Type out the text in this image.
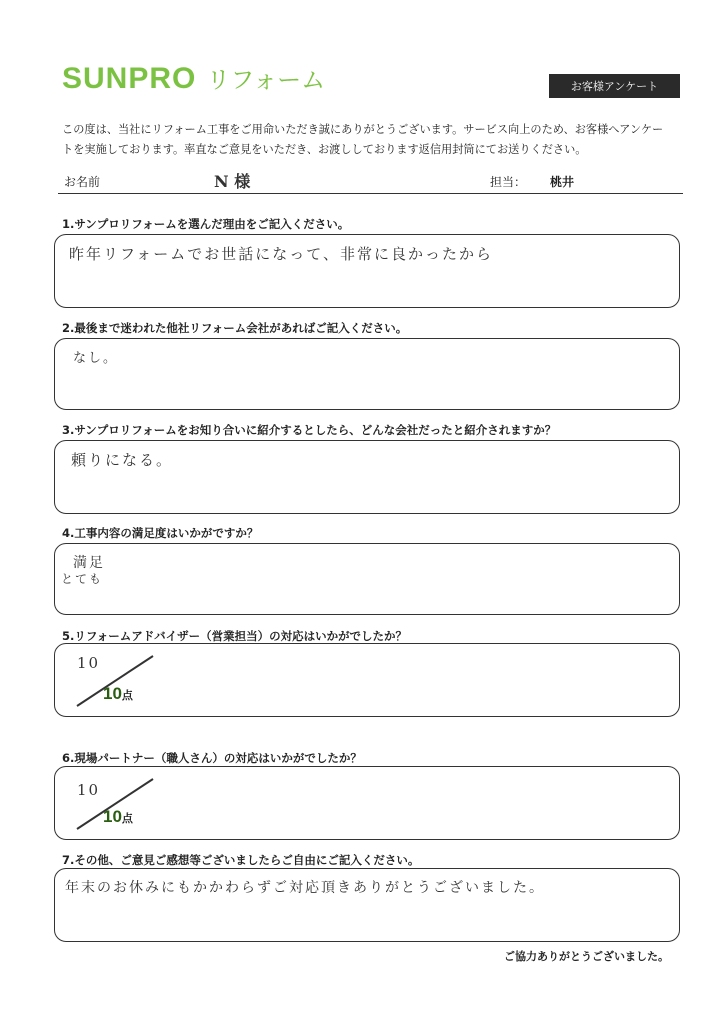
SUNPRO リフォーム	お客様アンケート
この度は、当社にリフォーム工事をご用命いただき誠にありがとうございます。サービス向上のため、お客様へアンケー
トを実施しております。率直なご意見をいただき、お渡ししております返信用封筒にてお送りください。
お名前	N 様	担当： 桃井
1.サンプロリフォームを選んだ理由をご記入ください。
昨年リフォームでお世話になって、非常に良かったから
2.最後まで迷われた他社リフォーム会社があればご記入ください。
なし。
3.サンプロリフォームをお知り合いに紹介するとしたら、どんな会社だったと紹介されますか？
頼りになる。
4.工事内容の満足度はいかがですか？
満足
とても
5.リフォームアドバイザー（営業担当）の対応はいかがでしたか？
10
10点
6.現場パートナー（職人さん）の対応はいかがでしたか？
10
10点
7.その他、ご意見ご感想等ございましたらご自由にご記入ください。
年末のお休みにもかかわらずご対応頂きありがとうございました。
ご協力ありがとうございました。
